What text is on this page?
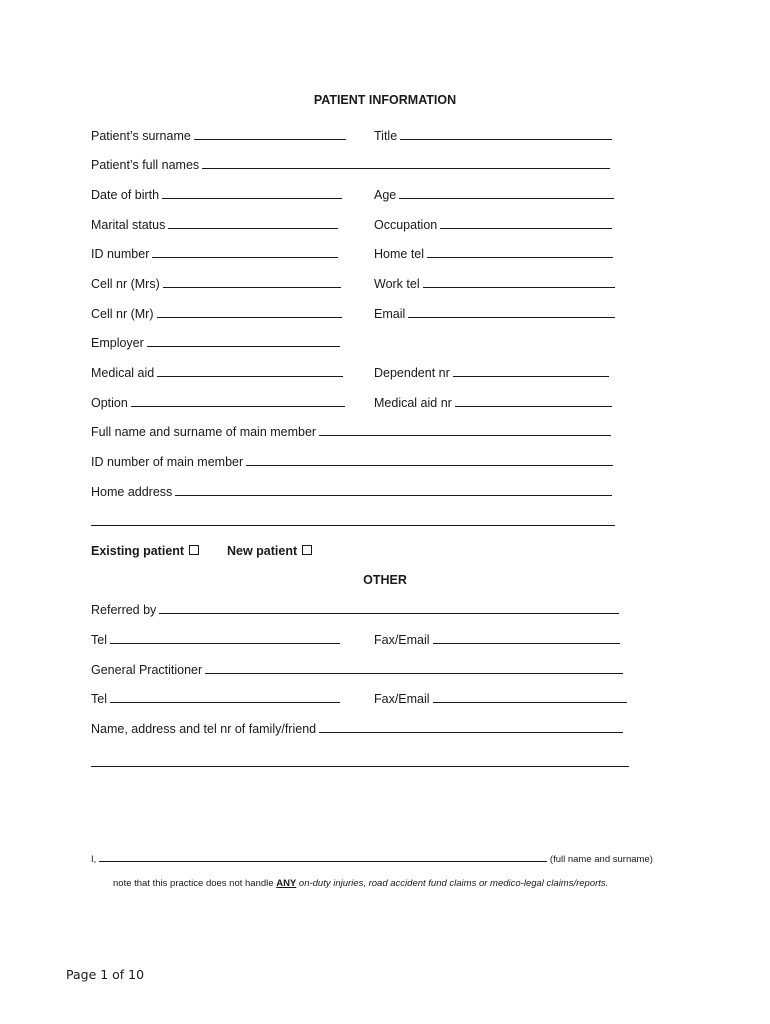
PATIENT INFORMATION
Patient’s surname	Title
Patient’s full names
Date of birth	Age
Marital status	Occupation
ID number	Home tel
Cell nr (Mrs)	Work tel
Cell nr (Mr)	Email
Employer
Medical aid	Dependent nr
Option	Medical aid nr
Full name and surname of main member
ID number of main member
Home address
Existing patient	New patient
OTHER
Referred by
Tel	Fax/Email
General Practitioner
Tel	Fax/Email
Name, address and tel nr of family/friend
I,	(full name and surname)
note that this practice does not handle ANY on-duty injuries, road accident fund claims or medico-legal claims/reports.
Page 1 of 10
